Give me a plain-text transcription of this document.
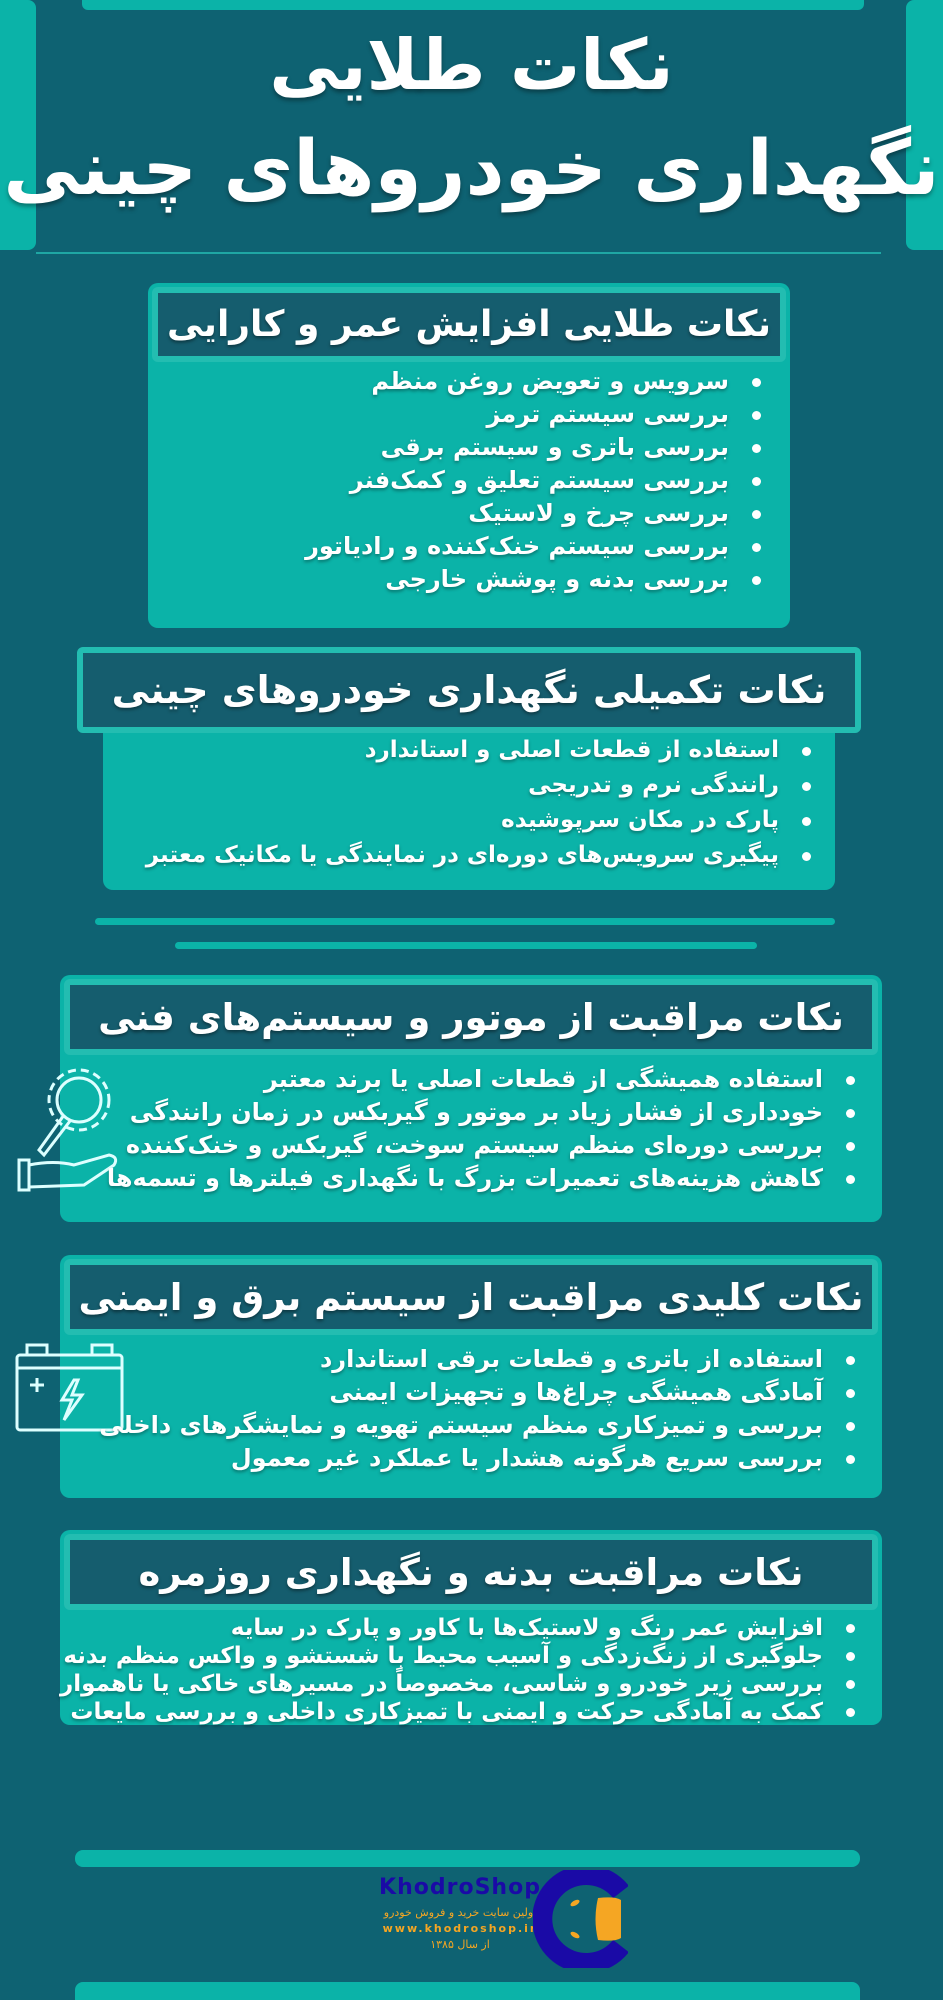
نکات طلایی
نگهداری خودروهای چینی
نکات طلایی افزایش عمر و کارایی
سرویس و تعویض روغن منظم
بررسی سیستم ترمز
بررسی باتری و سیستم برقی
بررسی سیستم تعلیق و کمک‌فنر
بررسی چرخ و لاستیک
بررسی سیستم خنک‌کننده و رادیاتور
بررسی بدنه و پوشش خارجی
نکات تکمیلی نگهداری خودروهای چینی
استفاده از قطعات اصلی و استاندارد
رانندگی نرم و تدریجی
پارک در مکان سرپوشیده
پیگیری سرویس‌های دوره‌ای در نمایندگی یا مکانیک معتبر
نکات مراقبت از موتور و سیستم‌های فنی
استفاده همیشگی از قطعات اصلی یا برند معتبر
خودداری از فشار زیاد بر موتور و گیربکس در زمان رانندگی
بررسی دوره‌ای منظم سیستم سوخت، گیربکس و خنک‌کننده
کاهش هزینه‌های تعمیرات بزرگ با نگهداری فیلترها و تسمه‌ها
نکات کلیدی مراقبت از سیستم برق و ایمنی
استفاده از باتری و قطعات برقی استاندارد
آمادگی همیشگی چراغ‌ها و تجهیزات ایمنی
بررسی و تمیزکاری منظم سیستم تهویه و نمایشگرهای داخلی
بررسی سریع هرگونه هشدار یا عملکرد غیر معمول
نکات مراقبت بدنه و نگهداری روزمره
افزایش عمر رنگ و لاستیک‌ها با کاور و پارک در سایه
جلوگیری از زنگ‌زدگی و آسیب محیط با شستشو و واکس منظم بدنه
بررسی زیر خودرو و شاسی، مخصوصاً در مسیرهای خاکی یا ناهموار
کمک به آمادگی حرکت و ایمنی با تمیزکاری داخلی و بررسی مایعات
KhodroShop
اولین سایت خرید و فروش خودرو
www.khodroshop.ir
از سال ۱۳۸۵
